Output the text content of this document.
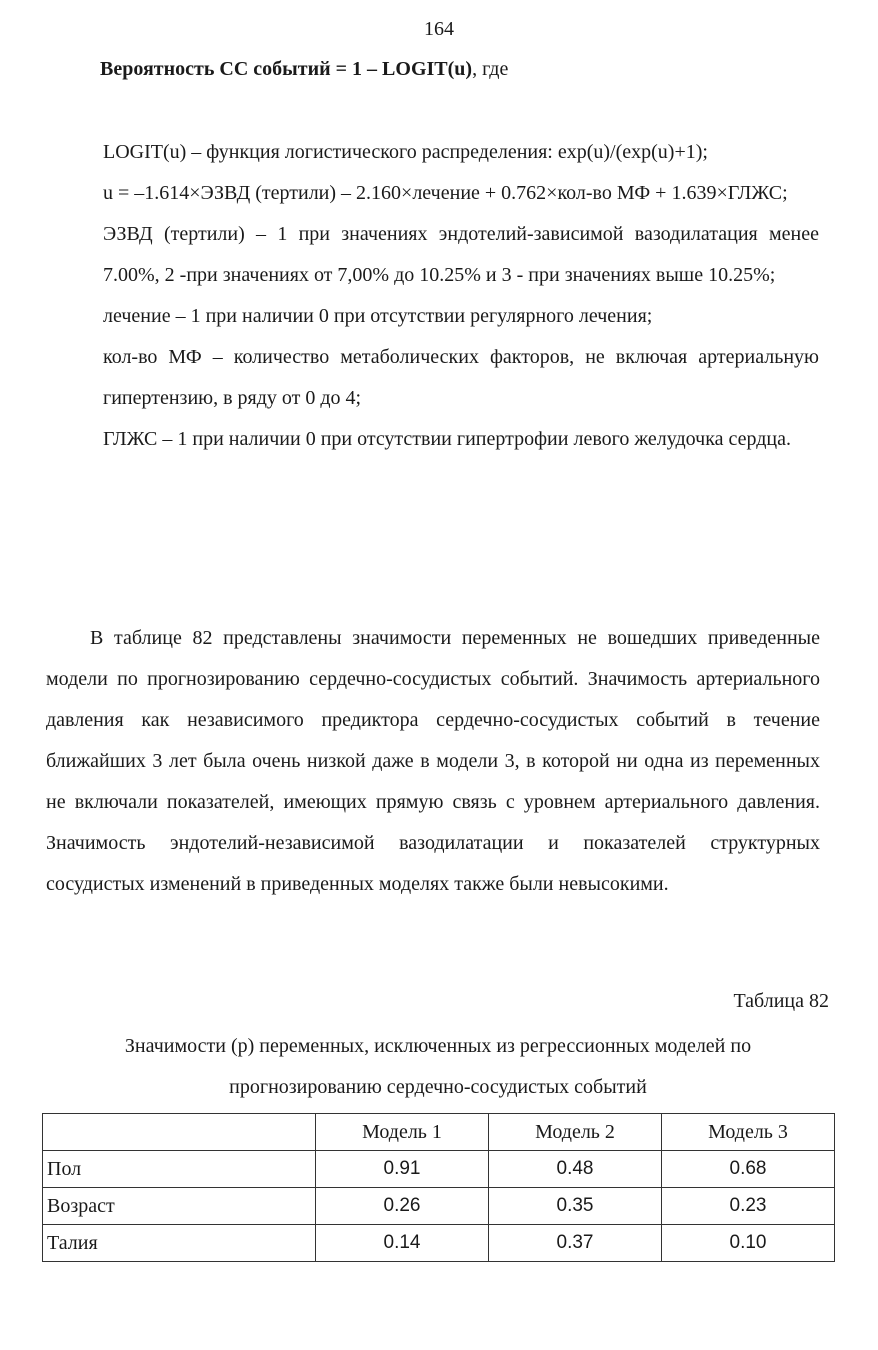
164
Вероятность СС событий = 1 – LOGIT(u), где

LOGIT(u) – функция логистического распределения: exp(u)/(exp(u)+1);

u = –1.614×ЭЗВД (тертили) – 2.160×лечение + 0.762×кол-во МФ + 1.639×ГЛЖС;

ЭЗВД (тертили) – 1 при значениях эндотелий-зависимой вазодилатация менее 7.00%, 2 -при значениях от 7,00% до 10.25% и 3 - при значениях выше 10.25%;

лечение – 1 при наличии 0 при отсутствии регулярного лечения;

кол-во МФ – количество метаболических факторов, не включая артериальную гипертензию, в ряду от 0 до 4;

ГЛЖС – 1 при наличии 0 при отсутствии гипертрофии левого желудочка сердца.

В таблице 82 представлены значимости переменных не вошедших приведенные модели по прогнозированию сердечно-сосудистых событий. Значимость артериального давления как независимого предиктора сердечно-сосудистых событий в течение ближайших 3 лет была очень низкой даже в модели 3, в которой ни одна из переменных не включали показателей, имеющих прямую связь с уровнем артериального давления. Значимость эндотелий-независимой вазодилатации и показателей структурных сосудистых изменений в приведенных моделях также были невысокими.

Таблица 82
Значимости (р) переменных, исключенных из регрессионных моделей по
прогнозированию сердечно-сосудистых событий
	Модель 1	Модель 2	Модель 3
Пол	0.91	0.48	0.68
Возраст	0.26	0.35	0.23
Талия	0.14	0.37	0.10
